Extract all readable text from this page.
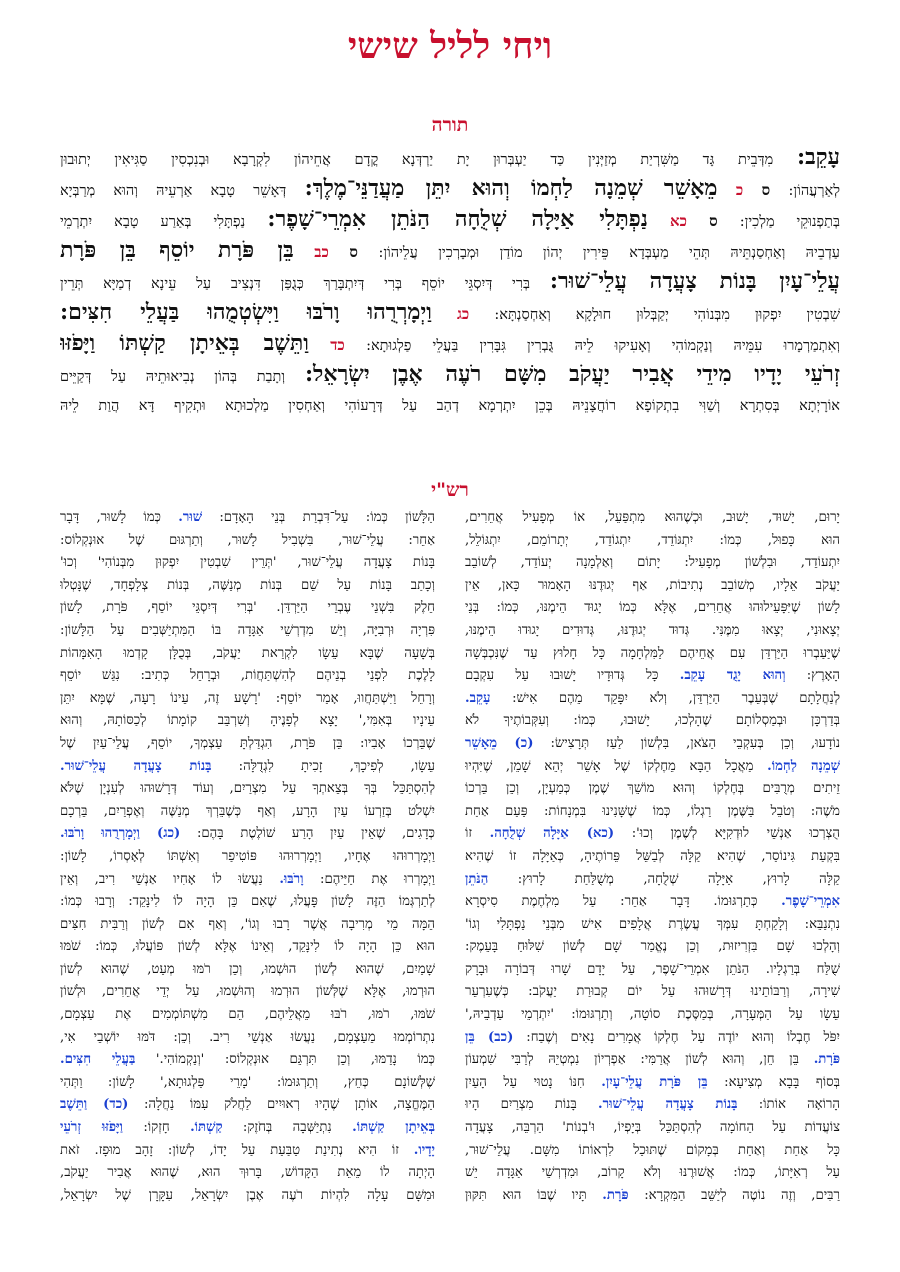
ויחי לליל שישי
תורה
עָקֵב: מִדְּבֵית גָּד מַשִּׁרְיַת מְזַיְּנִין כַּד יַעְבְּרוּן יָת יַרְדְּנָא קֳדָם אֲחֵיהוֹן לִקְרָבָא וּבְנִכְסִין סַגִּיאִין יְתוּבוּן
לְאַרְעֲהוֹן: ס כ מֵאָשֵׁר שְׁמֵנָה לַחְמוֹ וְהוּא יִתֵּן מַעֲדַנֵּי־מֶלֶךְ: דְּאָשֵׁר טָבָא אַרְעֵיהּ וְהוּא מְרַבְּיָא
בְּתַפְנוּקֵי מַלְכִין: ס כא נַפְתָּלִי אַיָּלָה שְׁלֻחָה הַנֹּתֵן אִמְרֵי־שָׁפֶר: נַפְתָּלִי בְּאַרַע טָבָא יִתְרְמֵי
עַדְבֵיהּ וְאַחְסַנְתֵּיהּ תְּהֵי מַעְבְּדָא פֵּירִין יְהוֹן מוֹדַן וּמְבָרְכִין עֲלֵיהוֹן: ס כב בֵּן פֹּרָת יוֹסֵף בֵּן פֹּרָת
עֲלֵי־עָיִן בָּנוֹת צָעֲדָה עֲלֵי־שׁוּר: בְּרִי דְּיִסְגֵּי יוֹסֵף בְּרִי דְּיִתְבָּרַךְ כְּגֻפַּן דִּנְצִיב עַל עֵינָא דְמַיָּא תְּרֵין
שִׁבְטִין יִפְקוּן מִבְּנוֹהִי יְקַבְּלוּן חוּלָקָא וְאַחְסַנְתָּא: כג וַיְמָרְרֻהוּ וָרֹבּוּ וַיִּשְׂטְמֻהוּ בַּעֲלֵי חִצִּים:
וְאִתְמַרְמָרוּ עִמֵּיהּ וְנַקְמוֹהִי וְאָעִיקוּ לֵיהּ גֻּבְרִין גִּבָּרִין בַּעֲלֵי פַלְגוּתָא: כד וַתֵּשֶׁב בְּאֵיתָן קַשְׁתּוֹ וַיָּפֹזּוּ
זְרֹעֵי יָדָיו מִידֵי אֲבִיר יַעֲקֹב מִשָּׁם רֹעֶה אֶבֶן יִשְׂרָאֵל: וְתָבַת בְּהוֹן נְבִיאוּתֵיהּ עַל דְּקַיֵּים
אוֹרָיְתָא בְּסִתְרָא וְשַׁוִּי בִתְקוֹפָא רוֹחֲצָנֵיהּ בְּכֵן יִתְרְמָא דְהַב עַל דְּרָעוֹהִי וְאַחְסִין מַלְכוּתָא וּתְקִיף דָּא הֲוַת לֵיהּ
רש"י
יָרוּם, יָשׁוּד, יָשׁוּב, וּכְשֶׁהוּא מִתְפַּעֵל, אוֹ מְפָעִיל אֲחֵרִים,
הוּא כָּפוּל, כְּמוֹ: יִתְגּוֹדֵד, יִתְגוֹדֵד, יְתָרוֹמֵם, יִתְגּוֹלֵל,
יִתְעוֹדֵד, וּבִלְשׁוֹן מְפָעִיל: יָתוֹם וְאַלְמָנָה יְעוֹדֵד, לְשׁוֹבֵב
יַעֲקֹב אֵלָיו, מְשׁוֹבֵב נְתִיבוֹת, אַף יְגוּדֶנּוּ הָאָמוּר כָּאן, אֵין
לָשׁוֹן שֶׁיִּפָּעֵילוּהוּ אֲחֵרִים, אֶלָּא כְּמוֹ יָגוּד הֵימֶנּוּ, כְּמוֹ: בְּנֵי
יְצָאוּנִי, יְצָאוּ מִמֶּנִּי. גְּדוּד יְגוּדֶנּוּ, גְּדוּדִים יָגוּדוּ הֵימֶנּוּ,
שֶׁיַּעַבְרוּ הַיַּרְדֵּן עִם אֲחֵיהֶם לַמִּלְחָמָה כָּל חָלוּץ עַד שֶׁנִּכְבְּשָׁה
הָאָרֶץ: וְהוּא יָגֻד עָקֵב. כָּל גְּדוּדָיו יָשׁוּבוּ עַל עִקְבָם
לְנַחֲלָתָם שֶׁבְּעֵבֶר הַיַּרְדֵּן, וְלֹא יִפָּקֵד מֵהֶם אִישׁ: עָקֵב.
בְּדַרְכָּן וּבְמַסְלוֹתָם שֶׁהָלְכוּ, יָשׁוּבוּ, כְּמוֹ: וְעִקְּבוֹתֶיךָ לֹא
נוֹדָעוּ, וְכֵן בְּעִקְבֵי הַצֹּאן, בִּלְשׁוֹן לַעַז תְּרָצִישׂ: (כ) מֵאָשֵׁר
שְׁמֵנָה לַחְמוֹ. מַאֲכָל הַבָּא מֵחֶלְקוֹ שֶׁל אָשֵׁר יְהֵא שָׁמֵן, שֶׁיִּהְיוּ
זֵיתִים מְרֻבִּים בְּחֶלְקוֹ וְהוּא מוֹשֵׁךְ שֶׁמֶן כְּמַעְיָן, וְכֵן בֵּרְכוֹ
מֹשֶׁה: וְטֹבֵל בַּשֶּׁמֶן רַגְלוֹ, כְּמוֹ שֶׁשָּׁנִינוּ בִּמְנָחוֹת: פַּעַם אַחַת
הֻצְרְכוּ אַנְשֵׁי לוּדְקִיָּא לְשֶׁמֶן וְכוּ': (כא) אַיָּלָה שְׁלֻחָה. זוֹ
בִּקְעַת גִּינוֹסַר, שֶׁהִיא קַלָּה לְבַשֵּׁל פֵּרוֹתֶיהָ, כְּאַיָּלָה זוֹ שֶׁהִיא
קַלָּה לָרוּץ, אַיָּלָה שְׁלֻחָה, מְשֻׁלַּחַת לָרוּץ: הַנֹּתֵן
אִמְרֵי־שָׁפֶר. כְּתַרְגּוּמוֹ. דָּבָר אַחֵר: עַל מִלְחֶמֶת סִיסְרָא
נִתְנַבֵּא: וְלָקַחְתָּ עִמְּךָ עֲשֶׂרֶת אֲלָפִים אִישׁ מִבְּנֵי נַפְתָּלִי וְגוֹ'
וְהָלְכוּ שָׁם בִּזְרִיזוּת, וְכֵן נֶאֱמַר שָׁם לְשׁוֹן שִׁלּוּחַ בָּעֵמֶק:
שֻׁלַּח בְּרַגְלָיו. הַנֹּתֵן אִמְרֵי־שָׁפֶר, עַל יָדָם שָׁרוּ דְּבוֹרָה וּבָרָק
שִׁירָה, וְרַבּוֹתֵינוּ דְּרָשׁוּהוּ עַל יוֹם קְבוּרַת יַעֲקֹב: כְּשֶׁעִרְעֵר
עֵשָׂו עַל הַמְּעָרָה, בְּמַסֶּכֶת סוֹטָה, וְתַרְגּוּמוֹ: 'יִתְרְמֵי עַדְבֵיהּ,'
יִפֹּל חֶבְלוֹ וְהוּא יוֹדֶה עַל חֶלְקוֹ אֲמָרִים נָאִים וְשֶׁבַח: (כב) בֵּן
פֹּרָת. בֵּן חֵן, וְהוּא לְשׁוֹן אֲרַמִּי: אַפְרְיוֹן נִמְטְיֵהּ לְרַבִּי שִׁמְעוֹן
בְּסוֹף בָּבָא מְצִיעָא: בֵּן פֹּרָת עֲלֵי־עָיִן. חִנּוֹ נָטוּי עַל הָעַיִן
הָרוֹאָה אוֹתוֹ: בָּנוֹת צָעֲדָה עֲלֵי־שׁוּר. בָּנוֹת מִצְרַיִם הָיוּ
צוֹעֲדוֹת עַל הַחוֹמָה לְהִסְתַּכֵּל בְּיָפְיוֹ, וּ'בְנוֹת' הַרְבֵּה, צָעֲדָה
כָּל אַחַת וְאַחַת בְּמָקוֹם שֶׁתּוּכַל לִרְאוֹתוֹ מִשָּׁם. עֲלֵי־שׁוּר,
עַל רְאִיָּתוֹ, כְּמוֹ: אֲשׁוּרֶנּוּ וְלֹא קָרוֹב, וּמִדְרְשֵׁי אַגָּדָה יֵשׁ
רַבִּים, וְזֶה נוֹטֶה לְיַשֵּׁב הַמִּקְרָא: פֹּרָת. תָּיו שֶׁבּוֹ הוּא תִּקּוּן
הַלָּשׁוֹן כְּמוֹ: עַל־דִּבְרַת בְּנֵי הָאָדָם: שׁוּר. כְּמוֹ לָשׁוּר, דָּבָר
אַחֵר: עֲלֵי־שׁוּר, בִּשְׁבִיל לָשׁוּר, וְתַרְגּוּם שֶׁל אוּנְקְלוֹס:
בָּנוֹת צָעֲדָה עֲלֵי־שׁוּר, 'תְּרֵין שִׁבְטִין יִפְקוּן מִבְּנוֹהִי' וְכוּ'
וְכָתַב בָּנוֹת עַל שֵׁם בְּנוֹת מְנַשֶּׁה, בְּנוֹת צְלָפְחָד, שֶׁנָּטְלוּ
חֵלֶק בִּשְׁנֵי עֶבְרֵי הַיַּרְדֵּן. 'בְּרִי דְּיִסְגֵּי יוֹסֵף, פֹּרָת, לָשׁוֹן
פִּרְיָה וּרְבִיָּה, וְיֵשׁ מִדְרְשֵׁי אַגָּדָה בּוֹ הַמִּתְיַשְּׁבִים עַל הַלָּשׁוֹן:
בְּשָׁעָה שֶׁבָּא עֵשָׂו לִקְרַאת יַעֲקֹב, בְּכֻלָּן קָדְמוּ הָאִמָּהוֹת
לָלֶכֶת לִפְנֵי בְנֵיהֶם לְהִשְׁתַּחֲוֹת, וּבְרָחֵל כְּתִיב: נִגַּשׁ יוֹסֵף
וְרָחֵל וַיִּשְׁתַּחֲווּ, אָמַר יוֹסֵף: 'רָשָׁע זֶה, עֵינוֹ רָעָה, שֶׁמָּא יִתֵּן
עֵינָיו בְּאִמִּי,' יָצָא לְפָנֶיהָ וְשִׁרְבֵּב קוֹמָתוֹ לְכַסּוֹתָהּ, וְהוּא
שֶׁבֵּרְכוֹ אָבִיו: בֵּן פֹּרָת, הִגְדַּלְתָּ עַצְמְךָ, יוֹסֵף, עֲלֵי־עַיִן שֶׁל
עֵשָׂו, לְפִיכָךְ, זָכִיתָ לִגְדֻלָּה: בָּנוֹת צָעֲדָה עֲלֵי־שׁוּר.
לְהִסְתַּכֵּל בְּךָ בְּצֵאתְךָ עַל מִצְרַיִם, וְעוֹד דְּרָשׁוּהוּ לְעִנְיָן שֶׁלֹּא
יִשְׁלֹט בְּזַרְעוֹ עַיִן הָרָע, וְאַף כְּשֶׁבֵּרְךְ מְנַשֶּׁה וְאֶפְרַיִם, בֵּרְכָם
כְּדָגִים, שֶׁאֵין עַיִן הָרַע שׁוֹלֶטֶת בָּהֶם: (כג) וַיְמָרְרֻהוּ וָרֹבּוּ.
וַיְמָרְרוּהוּ אֶחָיו, וַיְמָרְרוּהוּ פּוֹטִיפַר וְאִשְׁתּוֹ לְאָסְרוֹ, לָשׁוֹן:
וַיְמָרְרוּ אֶת חַיֵּיהֶם: וָרֹבּוּ. נַעֲשׂוּ לוֹ אָחִיו אַנְשֵׁי רִיב, וְאֵין
לְתַרְגְּמוֹ הַזֶּה לָשׁוֹן פָּעֲלוּ, שֶׁאִם כֵּן הָיָה לוֹ לִינָּקֵד: וְרָבוּ כְּמוֹ:
הֵמָּה מֵי מְרִיבָה אֲשֶׁר רָבוּ וְגוֹ', וְאַף אִם לְשׁוֹן וְרַבִּית חִצִּים
הוּא כֵּן הָיָה לוֹ לִינָּקֵד, וְאֵינוֹ אֶלָּא לְשׁוֹן פּוֹעֲלוּ, כְּמוֹ: שֹׁמּוּ
שָׁמַיִם, שֶׁהוּא לְשׁוֹן הוּשְׁמוּ, וְכֵן רֹמּוּ מְעַט, שֶׁהוּא לְשׁוֹן
הוּרְמוּ, אֶלָּא שֶׁלְּשׁוֹן הוּרְמוּ וְהוּשְׁמוּ, עַל יְדֵי אֲחֵרִים, וּלְשׁוֹן
שֹׁמּוּ, רֹמּוּ, רֹבּוּ מֵאֲלֵיהֶם, הֵם מִשְׁתּוֹמְמִים אֶת עַצְמָם,
נִתְרוֹמְמוּ מֵעַצְמָם, נַעֲשׂוּ אַנְשֵׁי רִיב. וְכֵן: דֹּמּוּ יוֹשְׁבֵי אִי,
כְּמוֹ נָדַמּוּ, וְכֵן תִּרְגֵּם אוּנְקְלוֹס: 'וְנַקְמוֹהִי.' בַּעֲלֵי חִצִּים.
שֶׁלְּשׁוֹנָם כְּחֵץ, וְתַרְגּוּמוֹ: 'מָרֵי פַּלְגוּתָא,' לָשׁוֹן: וַתְּהִי
הַמֶּחֱצָה, אוֹתָן שֶׁהָיוּ רְאוּיִים לַחֲלֹק עִמּוֹ נַחֲלָה: (כד) וַתֵּשֶׁב
בְּאֵיתָן קַשְׁתּוֹ. נִתְיַשְּׁבָה בְּחֹזֶק: קַשְׁתּוֹ. חָזְקוֹ: וַיָּפֹזּוּ זְרֹעֵי
יָדָיו. זוֹ הִיא נְתִינַת טַבַּעַת עַל יָדוֹ, לְשׁוֹן: זָהָב מוּפָז. זֹאת
הָיְתָה לוֹ מֵאֵת הַקָּדוֹשׁ, בָּרוּךְ הוּא, שֶׁהוּא אֲבִיר יַעֲקֹב,
וּמִשָּׁם עָלָה לִהְיוֹת רֹעֶה אֶבֶן יִשְׂרָאֵל, עִקָּרָן שֶׁל יִשְׂרָאֵל,
